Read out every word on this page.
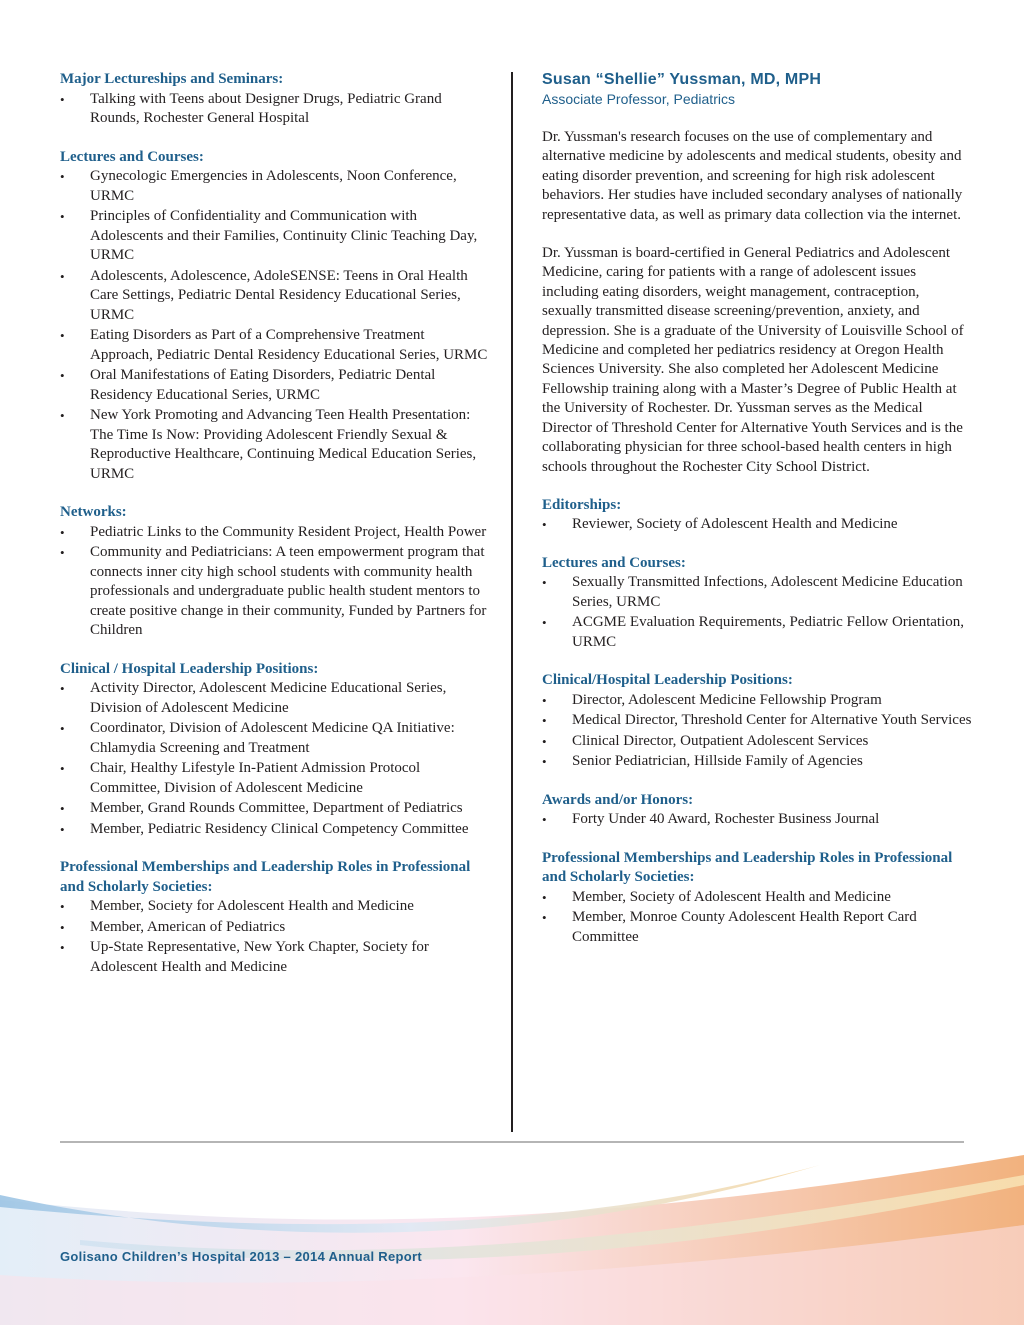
Major Lectureships and Seminars:
•	Talking with Teens about Designer Drugs, Pediatric Grand Rounds, Rochester General Hospital
Lectures and Courses:
•	Gynecologic Emergencies in Adolescents, Noon Conference, URMC
•	Principles of Confidentiality and Communication with Adolescents and their Families, Continuity Clinic Teaching Day, URMC
•	Adolescents, Adolescence, AdoleSENSE: Teens in Oral Health Care Settings, Pediatric Dental Residency Educational Series, URMC
•	Eating Disorders as Part of a Comprehensive Treatment Approach, Pediatric Dental Residency Educational Series, URMC
•	Oral Manifestations of Eating Disorders, Pediatric Dental Residency Educational Series, URMC
•	New York Promoting and Advancing Teen Health Presentation: The Time Is Now: Providing Adolescent Friendly Sexual & Reproductive Healthcare, Continuing Medical Education Series, URMC
Networks:
•	Pediatric Links to the Community Resident Project, Health Power
•	Community and Pediatricians: A teen empowerment program that connects inner city high school students with community health professionals and undergraduate public health student mentors to create positive change in their community, Funded by Partners for Children
Clinical / Hospital Leadership Positions:
•	Activity Director, Adolescent Medicine Educational Series, Division of Adolescent Medicine
•	Coordinator, Division of Adolescent Medicine QA Initiative: Chlamydia Screening and Treatment
•	Chair, Healthy Lifestyle In-Patient Admission Protocol Committee, Division of Adolescent Medicine
•	Member, Grand Rounds Committee, Department of Pediatrics
•	Member, Pediatric Residency Clinical Competency Committee
Professional Memberships and Leadership Roles in Professional and Scholarly Societies:
•	Member, Society for Adolescent Health and Medicine
•	Member, American of Pediatrics
•	Up-State Representative, New York Chapter, Society for Adolescent Health and Medicine
Susan “Shellie” Yussman, MD, MPH
Associate Professor, Pediatrics

Dr. Yussman's research focuses on the use of complementary and alternative medicine by adolescents and medical students, obesity and eating disorder prevention, and screening for high risk adolescent behaviors. Her studies have included secondary analyses of nationally representative data, as well as primary data collection via the internet.

Dr. Yussman is board-certified in General Pediatrics and Adolescent Medicine, caring for patients with a range of adolescent issues including eating disorders, weight management, contraception, sexually transmitted disease screening/prevention, anxiety, and depression. She is a graduate of the University of Louisville School of Medicine and completed her pediatrics residency at Oregon Health Sciences University. She also completed her Adolescent Medicine Fellowship training along with a Master’s Degree of Public Health at the University of Rochester. Dr. Yussman serves as the Medical Director of Threshold Center for Alternative Youth Services and is the collaborating physician for three school-based health centers in high schools throughout the Rochester City School District.

Editorships:
•	Reviewer, Society of Adolescent Health and Medicine
Lectures and Courses:
•	Sexually Transmitted Infections, Adolescent Medicine Education Series, URMC
•	ACGME Evaluation Requirements, Pediatric Fellow Orientation, URMC
Clinical/Hospital Leadership Positions:
•	Director, Adolescent Medicine Fellowship Program
•	Medical Director, Threshold Center for Alternative Youth Services
•	Clinical Director, Outpatient Adolescent Services
•	Senior Pediatrician, Hillside Family of Agencies
Awards and/or Honors:
•	Forty Under 40 Award, Rochester Business Journal
Professional Memberships and Leadership Roles in Professional and Scholarly Societies:
•	Member, Society of Adolescent Health and Medicine
•	Member, Monroe County Adolescent Health Report Card Committee
Golisano Children’s Hospital 2013 – 2014 Annual Report
